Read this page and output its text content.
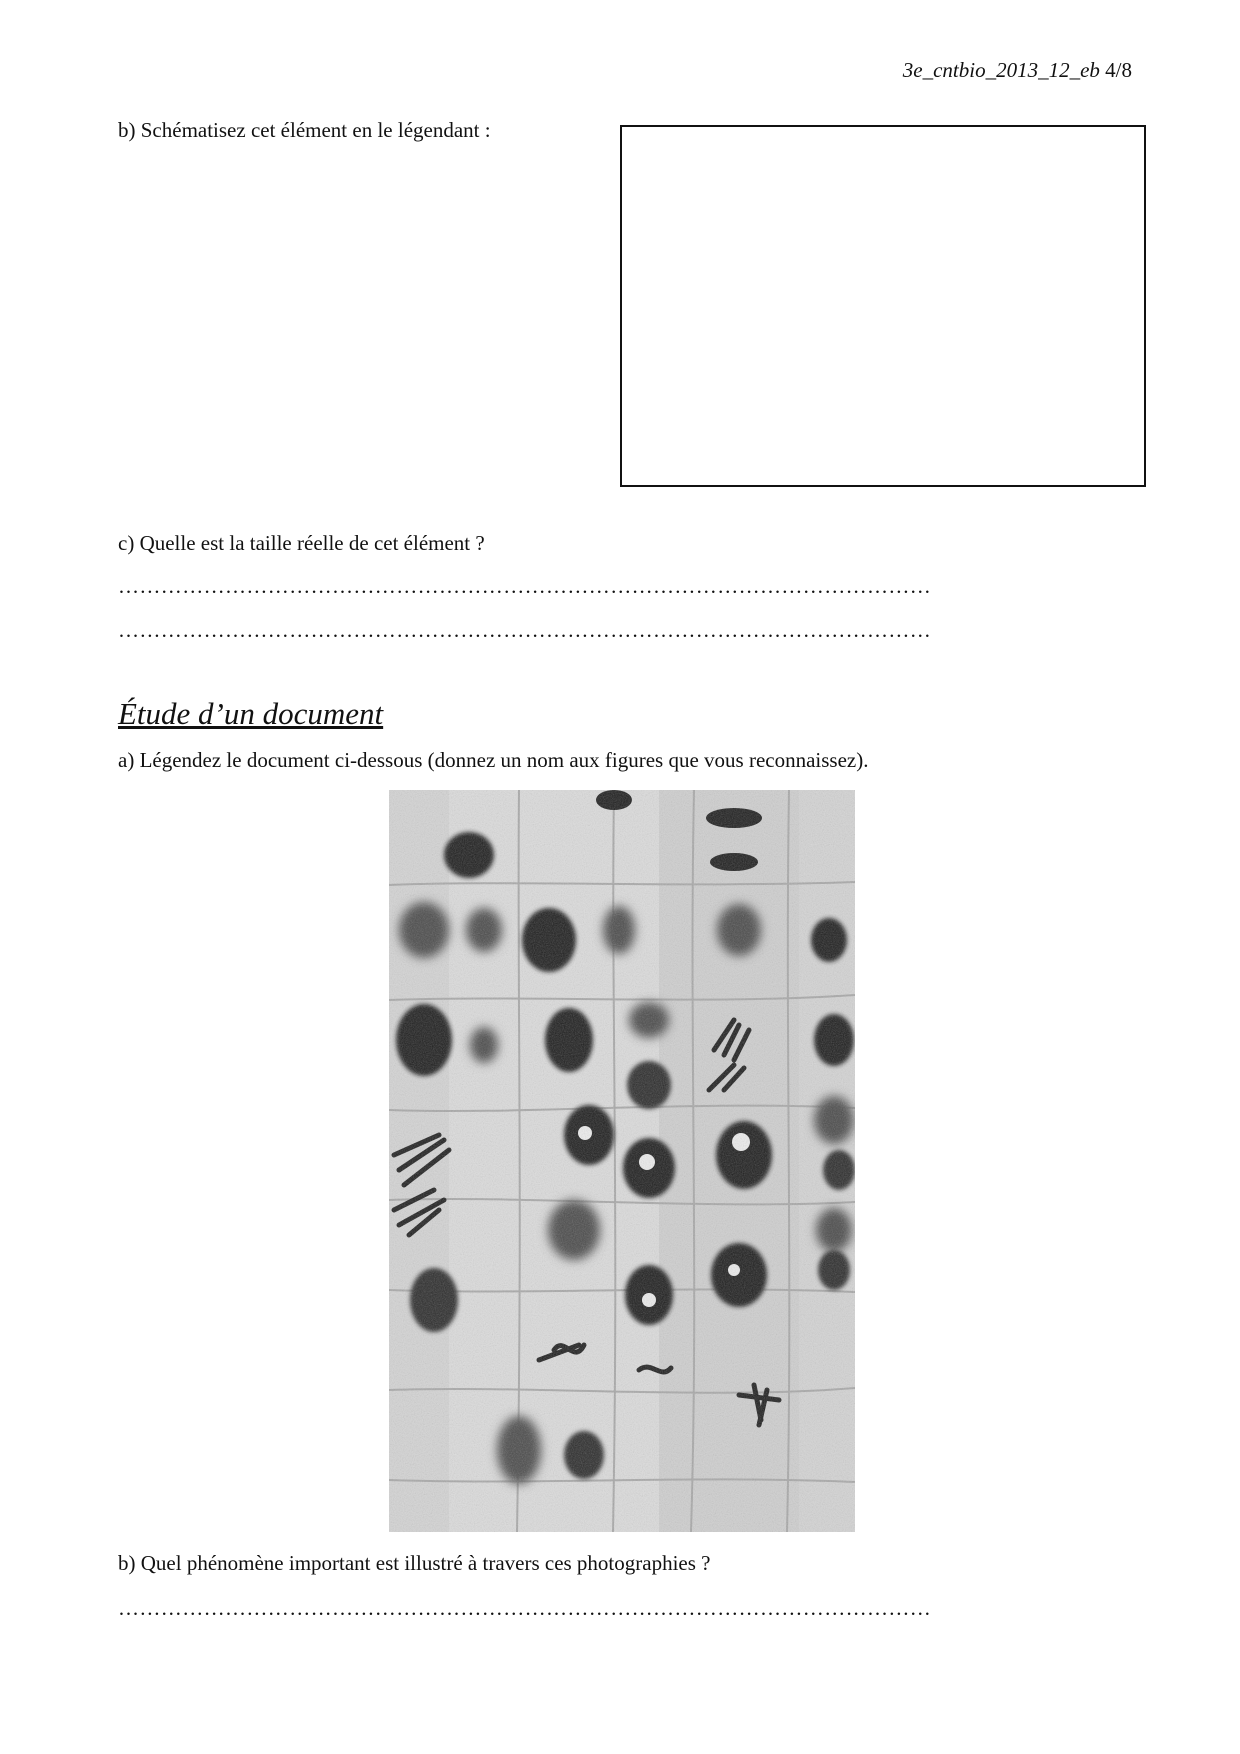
3e_cntbio_2013_12_eb 4/8
b) Schématisez cet élément en le légendant :
c) Quelle est la taille réelle de cet élément ?
……………………………………………………………………………………………………
……………………………………………………………………………………………………
Étude d’un document
a) Légendez le document ci-dessous (donnez un nom aux figures que vous reconnaissez).
b) Quel phénomène important est illustré à travers ces photographies ?
……………………………………………………………………………………………………
